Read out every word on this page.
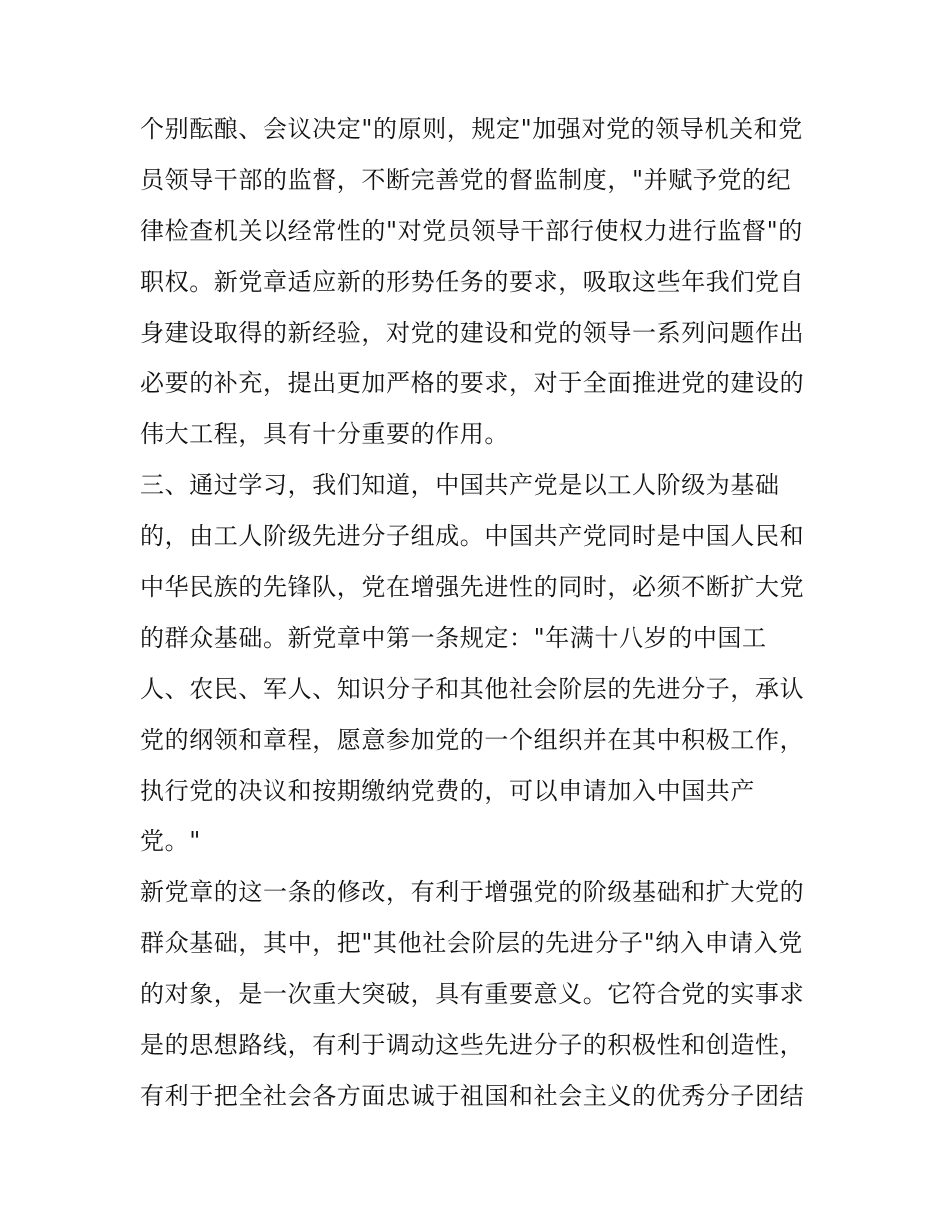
个别酝酿、会议决定"的原则，规定"加强对党的领导机关和党
员领导干部的监督，不断完善党的督监制度，"并赋予党的纪
律检查机关以经常性的"对党员领导干部行使权力进行监督"的
职权。新党章适应新的形势任务的要求，吸取这些年我们党自
身建设取得的新经验，对党的建设和党的领导一系列问题作出
必要的补充，提出更加严格的要求，对于全面推进党的建设的
伟大工程，具有十分重要的作用。
三、通过学习，我们知道，中国共产党是以工人阶级为基础
的，由工人阶级先进分子组成。中国共产党同时是中国人民和
中华民族的先锋队，党在增强先进性的同时，必须不断扩大党
的群众基础。新党章中第一条规定："年满十八岁的中国工
人、农民、军人、知识分子和其他社会阶层的先进分子，承认
党的纲领和章程，愿意参加党的一个组织并在其中积极工作，
执行党的决议和按期缴纳党费的，可以申请加入中国共产
党。"
新党章的这一条的修改，有利于增强党的阶级基础和扩大党的
群众基础，其中，把"其他社会阶层的先进分子"纳入申请入党
的对象，是一次重大突破，具有重要意义。它符合党的实事求
是的思想路线，有利于调动这些先进分子的积极性和创造性，
有利于把全社会各方面忠诚于祖国和社会主义的优秀分子团结
